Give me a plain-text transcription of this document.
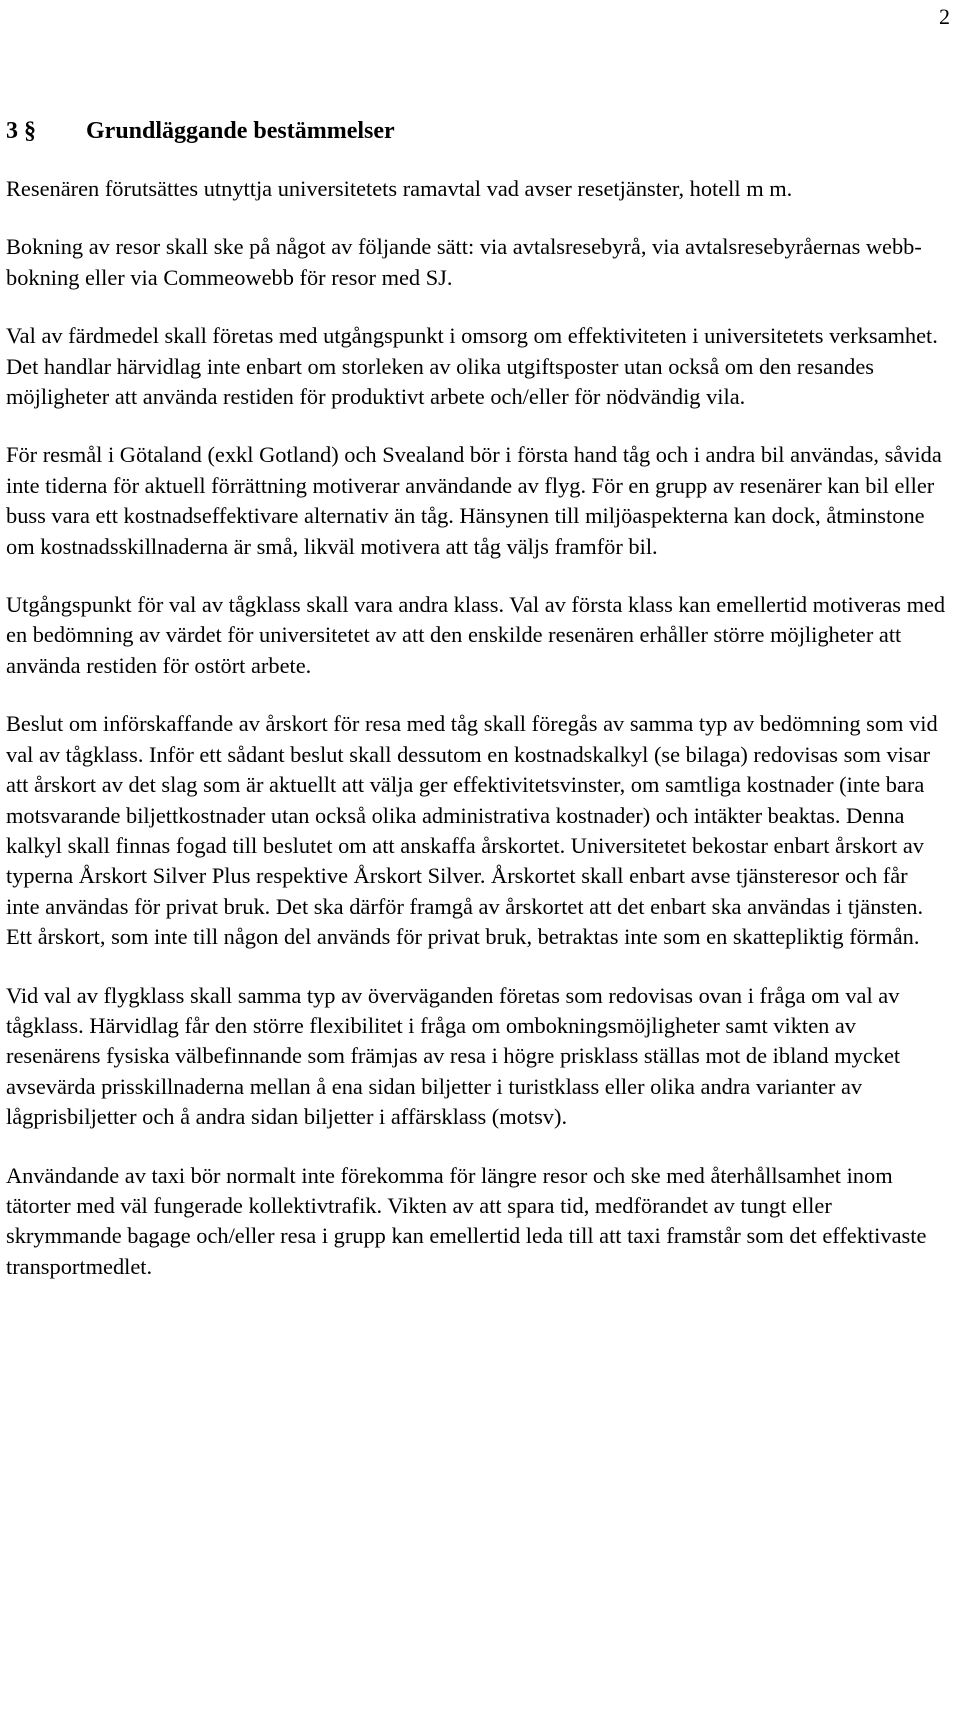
2
3 §	Grundläggande bestämmelser

Resenären förutsättes utnyttja universitetets ramavtal vad avser resetjänster, hotell m m.

Bokning av resor skall ske på något av följande sätt: via avtalsresebyrå, via avtalsresebyråernas webb-bokning eller via Commeowebb för resor med SJ.

Val av färdmedel skall företas med utgångspunkt i omsorg om effektiviteten i universitetets verksamhet. Det handlar härvidlag inte enbart om storleken av olika utgiftsposter utan också om den resandes möjligheter att använda restiden för produktivt arbete och/eller för nödvändig vila.

För resmål i Götaland (exkl Gotland) och Svealand bör i första hand tåg och i andra bil användas, såvida inte tiderna för aktuell förrättning motiverar användande av flyg. För en grupp av resenärer kan bil eller buss vara ett kostnadseffektivare alternativ än tåg. Hänsynen till miljöaspekterna kan dock, åtminstone om kostnadsskillnaderna är små, likväl motivera att tåg väljs framför bil.

Utgångspunkt för val av tågklass skall vara andra klass. Val av första klass kan emellertid motiveras med en bedömning av värdet för universitetet av att den enskilde resenären erhåller större möjligheter att använda restiden för ostört arbete.

Beslut om införskaffande av årskort för resa med tåg skall föregås av samma typ av bedömning som vid val av tågklass. Inför ett sådant beslut skall dessutom en kostnadskalkyl (se bilaga) redovisas som visar att årskort av det slag som är aktuellt att välja ger effektivitetsvinster, om samtliga kostnader (inte bara motsvarande biljettkostnader utan också olika administrativa kostnader) och intäkter beaktas. Denna kalkyl skall finnas fogad till beslutet om att anskaffa årskortet. Universitetet bekostar enbart årskort av typerna Årskort Silver Plus respektive Årskort Silver. Årskortet skall enbart avse tjänsteresor och får inte användas för privat bruk. Det ska därför framgå av årskortet att det enbart ska användas i tjänsten. Ett årskort, som inte till någon del används för privat bruk, betraktas inte som en skattepliktig förmån.

Vid val av flygklass skall samma typ av överväganden företas som redovisas ovan i fråga om val av tågklass. Härvidlag får den större flexibilitet i fråga om ombokningsmöjligheter samt vikten av resenärens fysiska välbefinnande som främjas av resa i högre prisklass ställas mot de ibland mycket avsevärda prisskillnaderna mellan å ena sidan biljetter i turistklass eller olika andra varianter av lågprisbiljetter och å andra sidan biljetter i affärsklass (motsv).

Användande av taxi bör normalt inte förekomma för längre resor och ske med återhållsamhet inom tätorter med väl fungerade kollektivtrafik. Vikten av att spara tid, medförandet av tungt eller skrymmande bagage och/eller resa i grupp kan emellertid leda till att taxi framstår som det effektivaste transportmedlet.
